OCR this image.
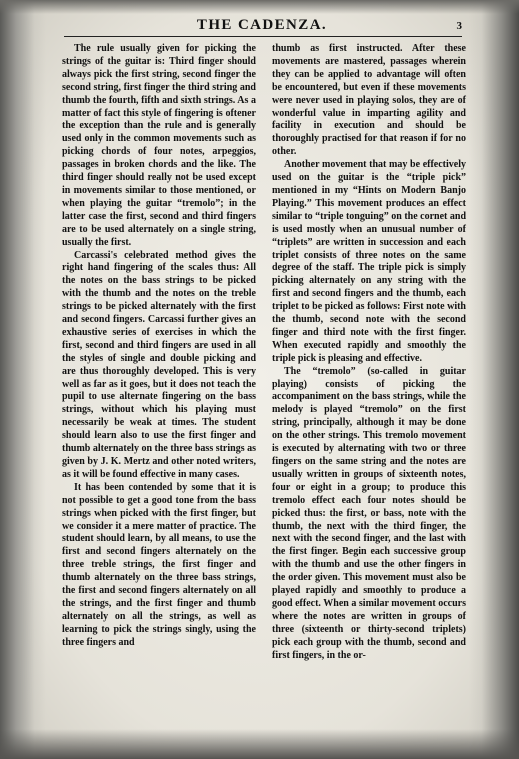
THE CADENZA.	3

The rule usually given for picking the strings of the guitar is: Third finger should always pick the first string, second finger the second string, first finger the third string and thumb the fourth, fifth and sixth strings. As a matter of fact this style of fingering is oftener the exception than the rule and is generally used only in the common movements such as picking chords of four notes, arpeggios, passages in broken chords and the like. The third finger should really not be used except in movements similar to those mentioned, or when playing the guitar “tremolo”; in the latter case the first, second and third fingers are to be used alternately on a single string, usually the first.

Carcassi's celebrated method gives the right hand fingering of the scales thus: All the notes on the bass strings to be picked with the thumb and the notes on the treble strings to be picked alternately with the first and second fingers. Carcassi further gives an exhaustive series of exercises in which the first, second and third fingers are used in all the styles of single and double picking and are thus thoroughly developed. This is very well as far as it goes, but it does not teach the pupil to use alternate fingering on the bass strings, without which his playing must necessarily be weak at times. The student should learn also to use the first finger and thumb alternately on the three bass strings as given by J. K. Mertz and other noted writers, as it will be found effective in many cases.

It has been contended by some that it is not possible to get a good tone from the bass strings when picked with the first finger, but we consider it a mere matter of practice. The student should learn, by all means, to use the first and second fingers alternately on the three treble strings, the first finger and thumb alternately on the three bass strings, the first and second fingers alternately on all the strings, and the first finger and thumb alternately on all the strings, as well as learning to pick the strings singly, using the three fingers and

thumb as first instructed. After these movements are mastered, passages wherein they can be applied to advantage will often be encountered, but even if these movements were never used in playing solos, they are of wonderful value in imparting agility and facility in execution and should be thoroughly practised for that reason if for no other.

Another movement that may be effectively used on the guitar is the “triple pick” mentioned in my “Hints on Modern Banjo Playing.” This movement produces an effect similar to “triple tonguing” on the cornet and is used mostly when an unusual number of “triplets” are written in succession and each triplet consists of three notes on the same degree of the staff. The triple pick is simply picking alternately on any string with the first and second fingers and the thumb, each triplet to be picked as follows: First note with the thumb, second note with the second finger and third note with the first finger. When executed rapidly and smoothly the triple pick is pleasing and effective.

The “tremolo” (so-called in guitar playing) consists of picking the accompaniment on the bass strings, while the melody is played “tremolo” on the first string, principally, although it may be done on the other strings. This tremolo movement is executed by alternating with two or three fingers on the same string and the notes are usually written in groups of sixteenth notes, four or eight in a group; to produce this tremolo effect each four notes should be picked thus: the first, or bass, note with the thumb, the next with the third finger, the next with the second finger, and the last with the first finger. Begin each successive group with the thumb and use the other fingers in the order given. This movement must also be played rapidly and smoothly to produce a good effect. When a similar movement occurs where the notes are written in groups of three (sixteenth or thirty-second triplets) pick each group with the thumb, second and first fingers, in the or-
